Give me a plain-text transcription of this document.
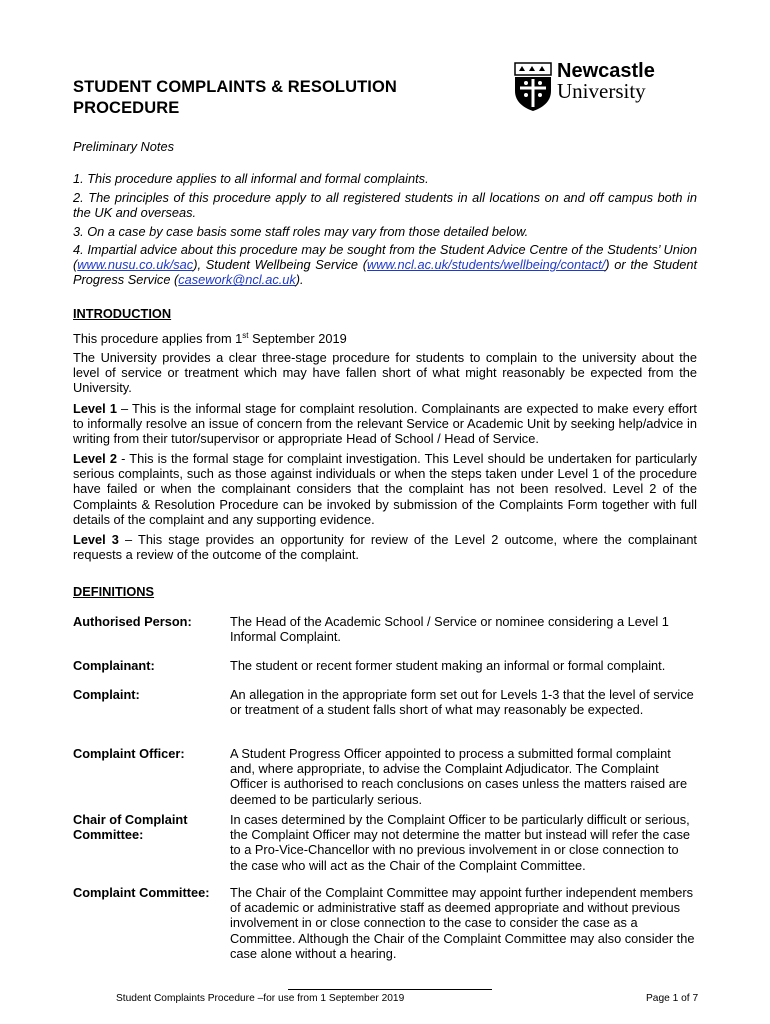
STUDENT COMPLAINTS & RESOLUTION
PROCEDURE
Newcastle
University
Preliminary Notes
1. This procedure applies to all informal and formal complaints.
2. The principles of this procedure apply to all registered students in all locations on and off campus both in the UK and overseas.
3. On a case by case basis some staff roles may vary from those detailed below.
4. Impartial advice about this procedure may be sought from the Student Advice Centre of the Students’ Union (www.nusu.co.uk/sac), Student Wellbeing Service (www.ncl.ac.uk/students/wellbeing/contact/) or the Student Progress Service (casework@ncl.ac.uk).
INTRODUCTION
This procedure applies from 1st September 2019
The University provides a clear three-stage procedure for students to complain to the university about the level of service or treatment which may have fallen short of what might reasonably be expected from the University.
Level 1 – This is the informal stage for complaint resolution. Complainants are expected to make every effort to informally resolve an issue of concern from the relevant Service or Academic Unit by seeking help/advice in writing from their tutor/supervisor or appropriate Head of School / Head of Service.
Level 2 - This is the formal stage for complaint investigation. This Level should be undertaken for particularly serious complaints, such as those against individuals or when the steps taken under Level 1 of the procedure have failed or when the complainant considers that the complaint has not been resolved. Level 2 of the Complaints & Resolution Procedure can be invoked by submission of the Complaints Form together with full details of the complaint and any supporting evidence.
Level 3 – This stage provides an opportunity for review of the Level 2 outcome, where the complainant requests a review of the outcome of the complaint.
DEFINITIONS
Authorised Person:	The Head of the Academic School / Service or nominee considering a Level 1 Informal Complaint.
Complainant:	The student or recent former student making an informal or formal complaint.
Complaint:	An allegation in the appropriate form set out for Levels 1-3 that the level of service or treatment of a student falls short of what may reasonably be expected.
Complaint Officer:	A Student Progress Officer appointed to process a submitted formal complaint and, where appropriate, to advise the Complaint Adjudicator. The Complaint Officer is authorised to reach conclusions on cases unless the matters raised are deemed to be particularly serious.
Chair of Complaint Committee:
In cases determined by the Complaint Officer to be particularly difficult or serious, the Complaint Officer may not determine the matter but instead will refer the case to a Pro-Vice-Chancellor with no previous involvement in or close connection to the case who will act as the Chair of the Complaint Committee.
Complaint Committee:	The Chair of the Complaint Committee may appoint further independent members of academic or administrative staff as deemed appropriate and without previous involvement in or close connection to the case to consider the case as a Committee. Although the Chair of the Complaint Committee may also consider the case alone without a hearing.
Student Complaints Procedure –for use from 1 September 2019	Page 1 of 7
